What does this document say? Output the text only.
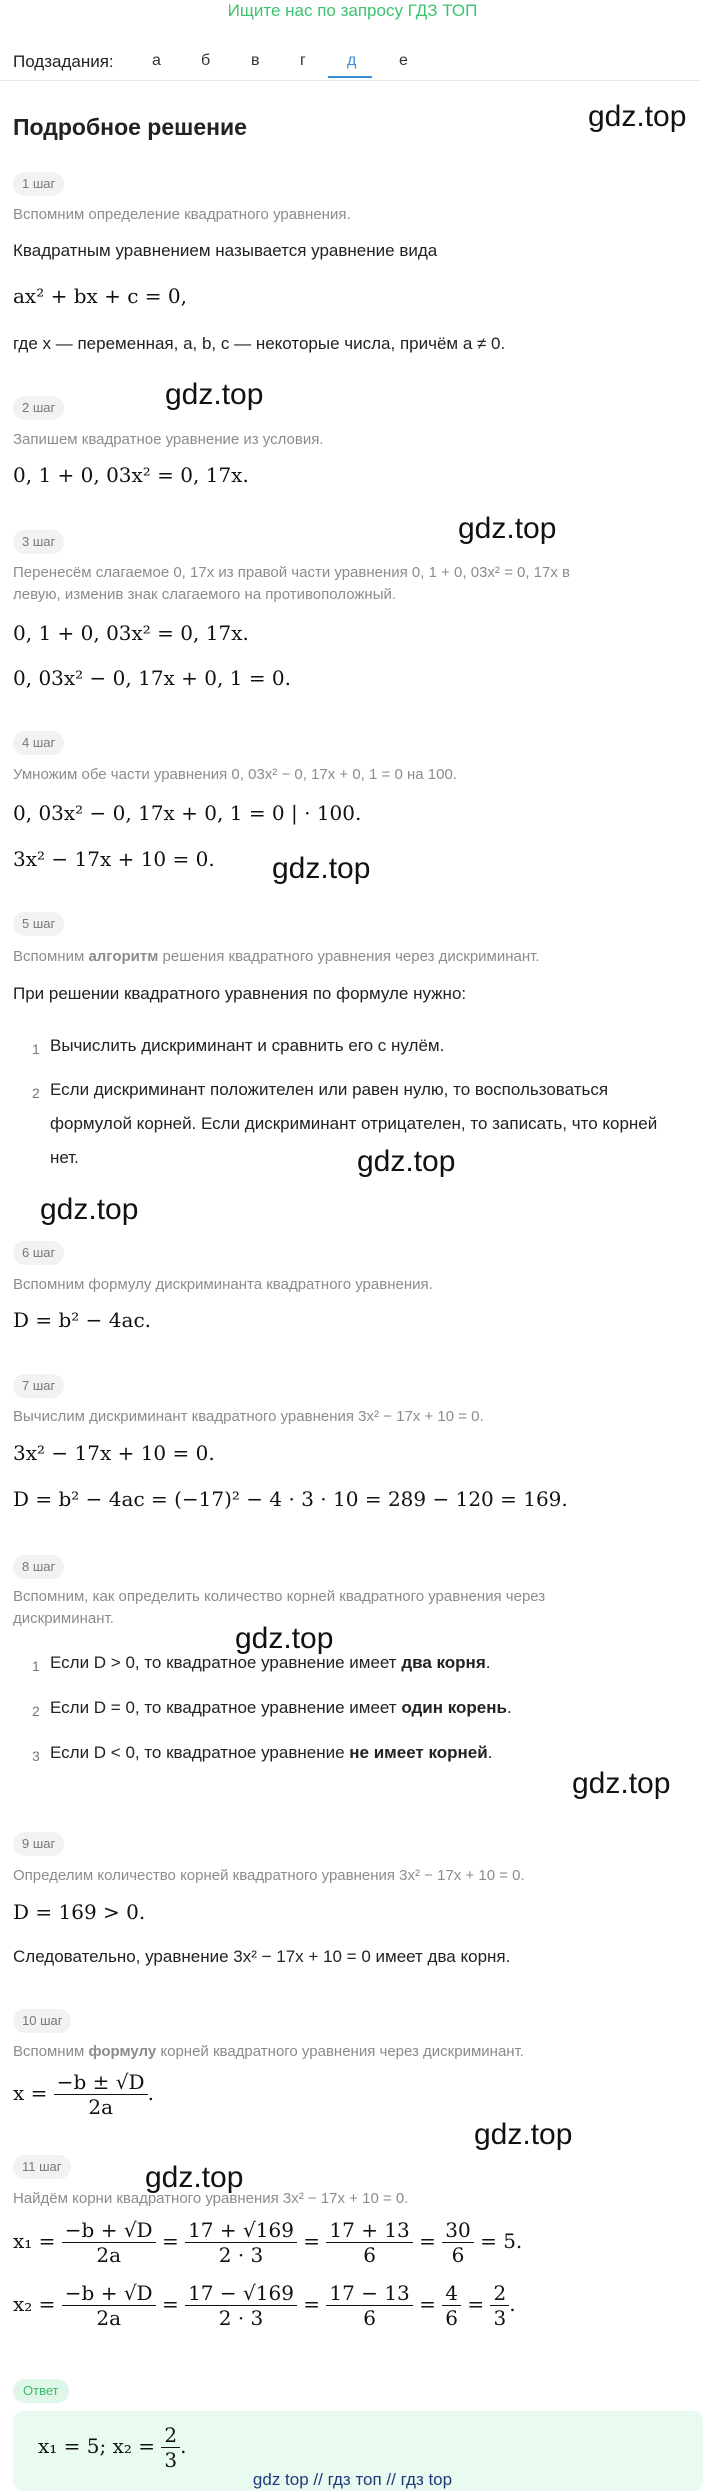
Ищите нас по запросу ГДЗ ТОП
Подзадания: а	б	в	г	д	е
Подробное решение	gdz.top
gdz.top
gdz.top
gdz.top
gdz.top
gdz.top
gdz.top
gdz.top
gdz.top
gdz.top
1 шаг
Вспомним определение квадратного уравнения.
Квадратным уравнением называется уравнение вида
ax² + bx + c = 0,
где x — переменная, a, b, c — некоторые числа, причём a ≠ 0.
2 шаг
Запишем квадратное уравнение из условия.
0, 1 + 0, 03x² = 0, 17x.
3 шаг
Перенесём слагаемое 0, 17x из правой части уравнения 0, 1 + 0, 03x² = 0, 17x в
левую, изменив знак слагаемого на противоположный.
0, 1 + 0, 03x² = 0, 17x.
0, 03x² − 0, 17x + 0, 1 = 0.
4 шаг
Умножим обе части уравнения 0, 03x² − 0, 17x + 0, 1 = 0 на 100.
0, 03x² − 0, 17x + 0, 1 = 0 | · 100.
3x² − 17x + 10 = 0.
5 шаг
Вспомним алгоритм решения квадратного уравнения через дискриминант.
При решении квадратного уравнения по формуле нужно:
1 Вычислить дискриминант и сравнить его с нулём.
2 Если дискриминант положителен или равен нулю, то воспользоваться формулой корней. Если дискриминант отрицателен, то записать, что корней нет.
6 шаг
Вспомним формулу дискриминанта квадратного уравнения.
D = b² − 4ac.
7 шаг
Вычислим дискриминант квадратного уравнения 3x² − 17x + 10 = 0.
3x² − 17x + 10 = 0.
D = b² − 4ac = (−17)² − 4 · 3 · 10 = 289 − 120 = 169.
8 шаг
Вспомним, как определить количество корней квадратного уравнения через
дискриминант.
1 Если D > 0, то квадратное уравнение имеет два корня.
2 Если D = 0, то квадратное уравнение имеет один корень.
3 Если D < 0, то квадратное уравнение не имеет корней.
9 шаг
Определим количество корней квадратного уравнения 3x² − 17x + 10 = 0.
D = 169 > 0.
Следовательно, уравнение 3x² − 17x + 10 = 0 имеет два корня.
10 шаг
Вспомним формулу корней квадратного уравнения через дискриминант.
$x = \frac{-b \pm √D}{2a}$ .
11 шаг
Найдём корни квадратного уравнения 3x² − 17x + 10 = 0.
$x_1 = \frac{-b + √D}{2a} = \frac{17 + √169}{2 \cdot 3} = \frac{17 + 13}{6} = \frac{30}{6} = 5$.
$x_2 = \frac{-b + √D}{2a} = \frac{17 - √169}{2 \cdot 3} = \frac{17 - 13}{6} = \frac{4}{6} = \frac{2}{3}$ .
Ответ
x₁ = 5; $x_2 = \frac{2}{3}$ .
gdz top // гдз топ // гдз top
